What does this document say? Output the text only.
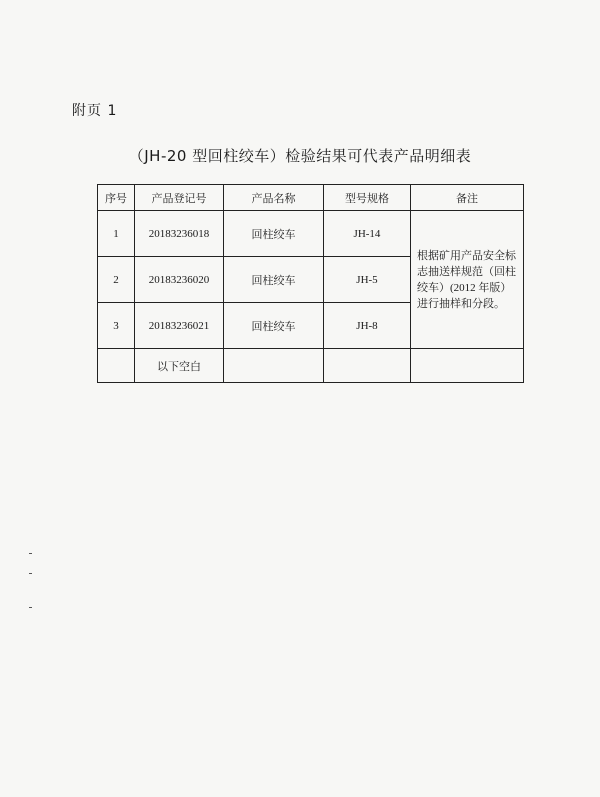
附页 1
（JH-20 型回柱绞车）检验结果可代表产品明细表
序号	产品登记号	产品名称	型号规格	备注
1	20183236018	回柱绞车	JH-14	根据矿用产品安全标志抽送样规范（回柱绞车）(2012 年版）进行抽样和分段。
2	20183236020	回柱绞车	JH-5	
3	20183236021	回柱绞车	JH-8	
	以下空白			
